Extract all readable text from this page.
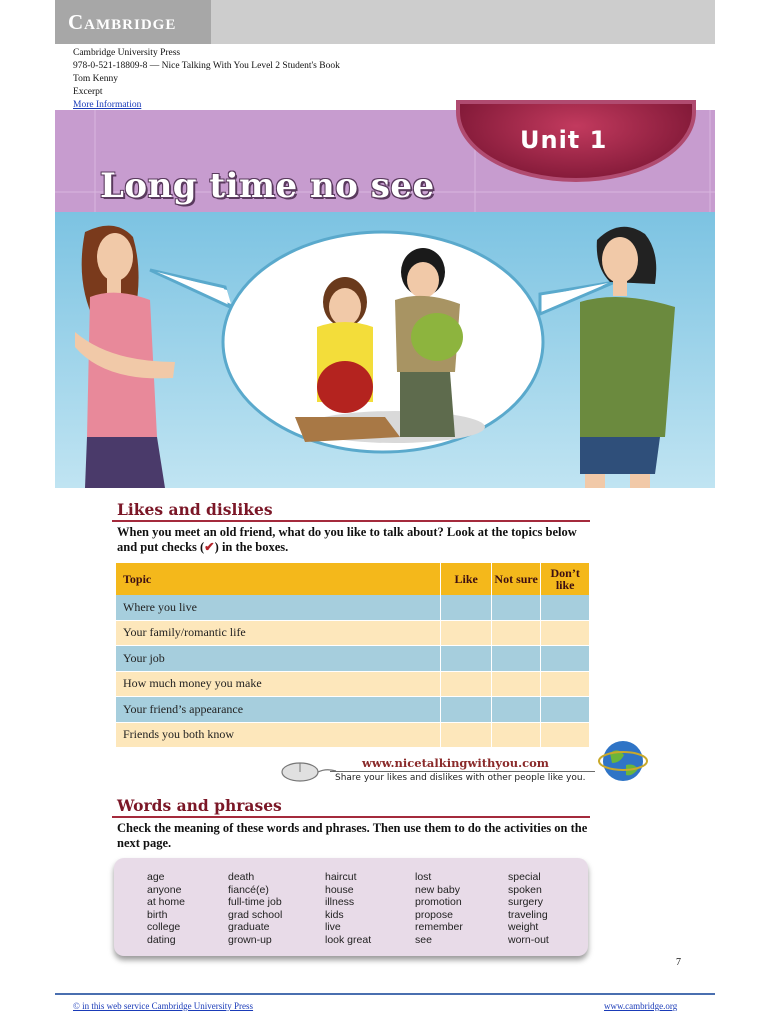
Cambridge
Cambridge University Press
978-0-521-18809-8 — Nice Talking With You Level 2 Student's Book
Tom Kenny
Excerpt
More Information
Unit 1
Long time no see
Likes and dislikes
When you meet an old friend, what do you like to talk about? Look at the topics below and put checks (✔) in the boxes.
Topic	Like	Not sure	Don’t like
Where you live			
Your family/romantic life			
Your job			
How much money you make			
Your friend’s appearance			
Friends you both know			
www.nicetalkingwithyou.com
Share your likes and dislikes with other people like you.
Words and phrases
Check the meaning of these words and phrases. Then use them to do the activities on the next page.
age
anyone
at home
birth
college
dating
death
fiancé(e)
full-time job
grad school
graduate
grown-up
haircut
house
illness
kids
live
look great
lost
new baby
promotion
propose
remember
see
special
spoken
surgery
traveling
weight
worn-out
7
© in this web service Cambridge University Press	www.cambridge.org
